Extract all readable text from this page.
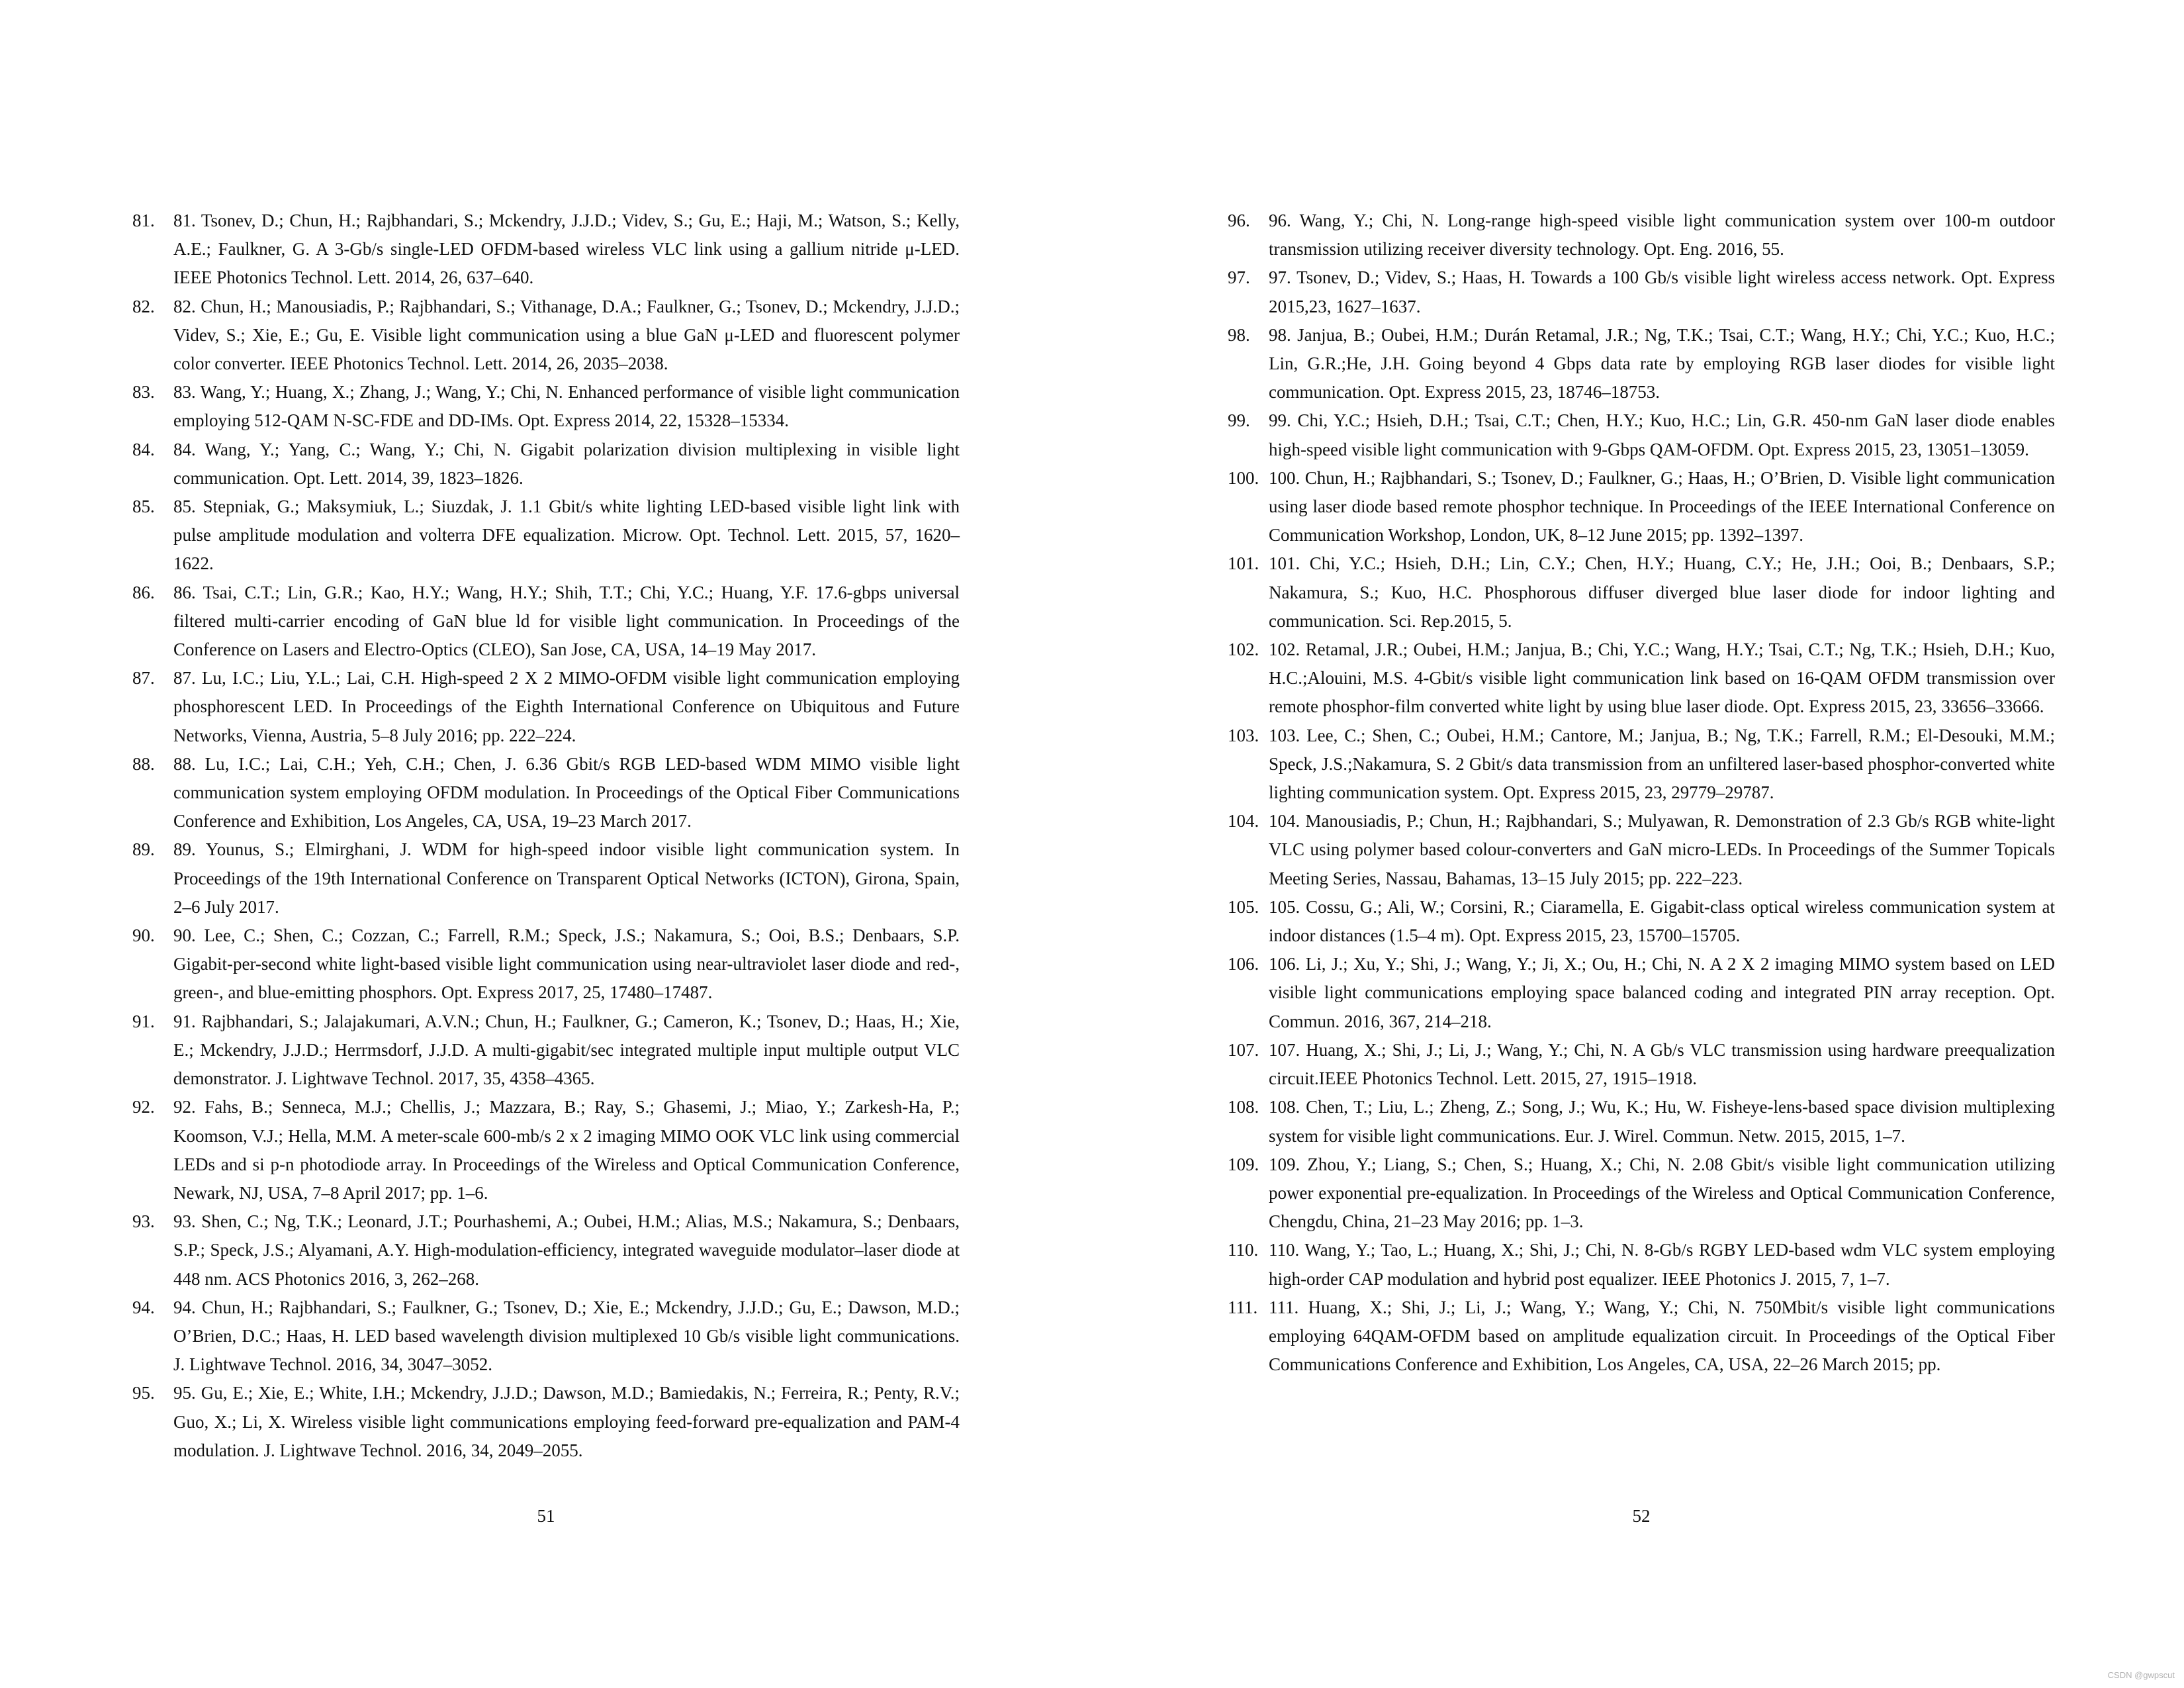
81.	81. Tsonev, D.; Chun, H.; Rajbhandari, S.; Mckendry, J.J.D.; Videv, S.; Gu, E.; Haji, M.; Watson, S.; Kelly, A.E.; Faulkner, G. A 3-Gb/s single-LED OFDM-based wireless VLC link using a gallium nitride μ-LED. IEEE Photonics Technol. Lett. 2014, 26, 637–640.
82.	82. Chun, H.; Manousiadis, P.; Rajbhandari, S.; Vithanage, D.A.; Faulkner, G.; Tsonev, D.; Mckendry, J.J.D.; Videv, S.; Xie, E.; Gu, E. Visible light communication using a blue GaN μ-LED and fluorescent polymer color converter. IEEE Photonics Technol. Lett. 2014, 26, 2035–2038.
83.	83. Wang, Y.; Huang, X.; Zhang, J.; Wang, Y.; Chi, N. Enhanced performance of visible light communication employing 512-QAM N-SC-FDE and DD-IMs. Opt. Express 2014, 22, 15328–15334.
84.	84. Wang, Y.; Yang, C.; Wang, Y.; Chi, N. Gigabit polarization division multiplexing in visible light communication. Opt. Lett. 2014, 39, 1823–1826.
85.	85. Stepniak, G.; Maksymiuk, L.; Siuzdak, J. 1.1 Gbit/s white lighting LED-based visible light link with pulse amplitude modulation and volterra DFE equalization. Microw. Opt. Technol. Lett. 2015, 57, 1620–1622.
86.	86. Tsai, C.T.; Lin, G.R.; Kao, H.Y.; Wang, H.Y.; Shih, T.T.; Chi, Y.C.; Huang, Y.F. 17.6-gbps universal filtered multi-carrier encoding of GaN blue ld for visible light communication. In Proceedings of the Conference on Lasers and Electro-Optics (CLEO), San Jose, CA, USA, 14–19 May 2017.
87.	87. Lu, I.C.; Liu, Y.L.; Lai, C.H. High-speed 2 X 2 MIMO-OFDM visible light communication employing phosphorescent LED. In Proceedings of the Eighth International Conference on Ubiquitous and Future Networks, Vienna, Austria, 5–8 July 2016; pp. 222–224.
88.	88. Lu, I.C.; Lai, C.H.; Yeh, C.H.; Chen, J. 6.36 Gbit/s RGB LED-based WDM MIMO visible light communication system employing OFDM modulation. In Proceedings of the Optical Fiber Communications Conference and Exhibition, Los Angeles, CA, USA, 19–23 March 2017.
89.	89. Younus, S.; Elmirghani, J. WDM for high-speed indoor visible light communication system. In Proceedings of the 19th International Conference on Transparent Optical Networks (ICTON), Girona, Spain, 2–6 July 2017.
90.	90. Lee, C.; Shen, C.; Cozzan, C.; Farrell, R.M.; Speck, J.S.; Nakamura, S.; Ooi, B.S.; Denbaars, S.P. Gigabit-per-second white light-based visible light communication using near-ultraviolet laser diode and red-, green-, and blue-emitting phosphors. Opt. Express 2017, 25, 17480–17487.
91.	91. Rajbhandari, S.; Jalajakumari, A.V.N.; Chun, H.; Faulkner, G.; Cameron, K.; Tsonev, D.; Haas, H.; Xie, E.; Mckendry, J.J.D.; Herrmsdorf, J.J.D. A multi-gigabit/sec integrated multiple input multiple output VLC demonstrator. J. Lightwave Technol. 2017, 35, 4358–4365.
92.	92. Fahs, B.; Senneca, M.J.; Chellis, J.; Mazzara, B.; Ray, S.; Ghasemi, J.; Miao, Y.; Zarkesh-Ha, P.; Koomson, V.J.; Hella, M.M. A meter-scale 600-mb/s 2 x 2 imaging MIMO OOK VLC link using commercial LEDs and si p-n photodiode array. In Proceedings of the Wireless and Optical Communication Conference, Newark, NJ, USA, 7–8 April 2017; pp. 1–6.
93.	93. Shen, C.; Ng, T.K.; Leonard, J.T.; Pourhashemi, A.; Oubei, H.M.; Alias, M.S.; Nakamura, S.; Denbaars, S.P.; Speck, J.S.; Alyamani, A.Y. High-modulation-efficiency, integrated waveguide modulator–laser diode at 448 nm. ACS Photonics 2016, 3, 262–268.
94.	94. Chun, H.; Rajbhandari, S.; Faulkner, G.; Tsonev, D.; Xie, E.; Mckendry, J.J.D.; Gu, E.; Dawson, M.D.; O’Brien, D.C.; Haas, H. LED based wavelength division multiplexed 10 Gb/s visible light communications. J. Lightwave Technol. 2016, 34, 3047–3052.
95.	95. Gu, E.; Xie, E.; White, I.H.; Mckendry, J.J.D.; Dawson, M.D.; Bamiedakis, N.; Ferreira, R.; Penty, R.V.; Guo, X.; Li, X. Wireless visible light communications employing feed-forward pre-equalization and PAM-4 modulation. J. Lightwave Technol. 2016, 34, 2049–2055.
96.	96. Wang, Y.; Chi, N. Long-range high-speed visible light communication system over 100-m outdoor transmission utilizing receiver diversity technology. Opt. Eng. 2016, 55.
97.	97. Tsonev, D.; Videv, S.; Haas, H. Towards a 100 Gb/s visible light wireless access network. Opt. Express 2015,23, 1627–1637.
98.	98. Janjua, B.; Oubei, H.M.; Durán Retamal, J.R.; Ng, T.K.; Tsai, C.T.; Wang, H.Y.; Chi, Y.C.; Kuo, H.C.; Lin, G.R.;He, J.H. Going beyond 4 Gbps data rate by employing RGB laser diodes for visible light communication. Opt. Express 2015, 23, 18746–18753.
99.	99. Chi, Y.C.; Hsieh, D.H.; Tsai, C.T.; Chen, H.Y.; Kuo, H.C.; Lin, G.R. 450-nm GaN laser diode enables high-speed visible light communication with 9-Gbps QAM-OFDM. Opt. Express 2015, 23, 13051–13059.
100. 100. Chun, H.; Rajbhandari, S.; Tsonev, D.; Faulkner, G.; Haas, H.; O’Brien, D. Visible light communication using laser diode based remote phosphor technique. In Proceedings of the IEEE International Conference on Communication Workshop, London, UK, 8–12 June 2015; pp. 1392–1397.
101. 101. Chi, Y.C.; Hsieh, D.H.; Lin, C.Y.; Chen, H.Y.; Huang, C.Y.; He, J.H.; Ooi, B.; Denbaars, S.P.; Nakamura, S.; Kuo, H.C. Phosphorous diffuser diverged blue laser diode for indoor lighting and communication. Sci. Rep.2015, 5.
102. 102. Retamal, J.R.; Oubei, H.M.; Janjua, B.; Chi, Y.C.; Wang, H.Y.; Tsai, C.T.; Ng, T.K.; Hsieh, D.H.; Kuo, H.C.;Alouini, M.S. 4-Gbit/s visible light communication link based on 16-QAM OFDM transmission over remote phosphor-film converted white light by using blue laser diode. Opt. Express 2015, 23, 33656–33666.
103. 103. Lee, C.; Shen, C.; Oubei, H.M.; Cantore, M.; Janjua, B.; Ng, T.K.; Farrell, R.M.; El-Desouki, M.M.; Speck, J.S.;Nakamura, S. 2 Gbit/s data transmission from an unfiltered laser-based phosphor-converted white lighting communication system. Opt. Express 2015, 23, 29779–29787.
104. 104. Manousiadis, P.; Chun, H.; Rajbhandari, S.; Mulyawan, R. Demonstration of 2.3 Gb/s RGB white-light VLC using polymer based colour-converters and GaN micro-LEDs. In Proceedings of the Summer Topicals Meeting Series, Nassau, Bahamas, 13–15 July 2015; pp. 222–223.
105. 105. Cossu, G.; Ali, W.; Corsini, R.; Ciaramella, E. Gigabit-class optical wireless communication system at indoor distances (1.5–4 m). Opt. Express 2015, 23, 15700–15705.
106. 106. Li, J.; Xu, Y.; Shi, J.; Wang, Y.; Ji, X.; Ou, H.; Chi, N. A 2 X 2 imaging MIMO system based on LED visible light communications employing space balanced coding and integrated PIN array reception. Opt. Commun. 2016, 367, 214–218.
107. 107. Huang, X.; Shi, J.; Li, J.; Wang, Y.; Chi, N. A Gb/s VLC transmission using hardware preequalization circuit.IEEE Photonics Technol. Lett. 2015, 27, 1915–1918.
108. 108. Chen, T.; Liu, L.; Zheng, Z.; Song, J.; Wu, K.; Hu, W. Fisheye-lens-based space division multiplexing system for visible light communications. Eur. J. Wirel. Commun. Netw. 2015, 2015, 1–7.
109. 109. Zhou, Y.; Liang, S.; Chen, S.; Huang, X.; Chi, N. 2.08 Gbit/s visible light communication utilizing power exponential pre-equalization. In Proceedings of the Wireless and Optical Communication Conference, Chengdu, China, 21–23 May 2016; pp. 1–3.
110. 110. Wang, Y.; Tao, L.; Huang, X.; Shi, J.; Chi, N. 8-Gb/s RGBY LED-based wdm VLC system employing high-order CAP modulation and hybrid post equalizer. IEEE Photonics J. 2015, 7, 1–7.
111. 111. Huang, X.; Shi, J.; Li, J.; Wang, Y.; Wang, Y.; Chi, N. 750Mbit/s visible light communications employing 64QAM-OFDM based on amplitude equalization circuit. In Proceedings of the Optical Fiber Communications Conference and Exhibition, Los Angeles, CA, USA, 22–26 March 2015; pp.
51	52
CSDN @gwpscut
